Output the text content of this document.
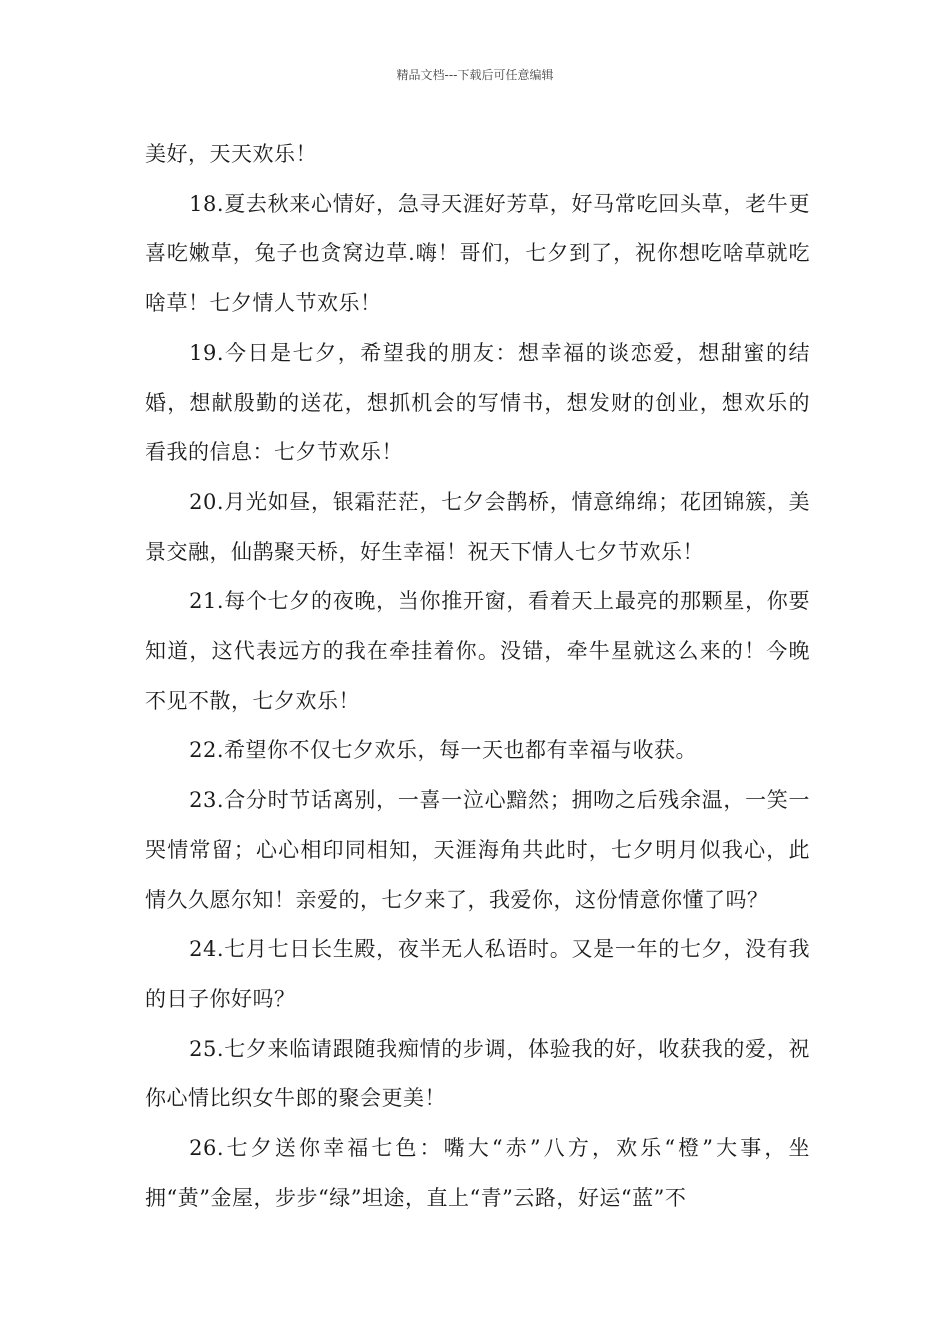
精品文档---下载后可任意编辑

美好，天天欢乐！

18.夏去秋来心情好，急寻天涯好芳草，好马常吃回头草，老牛更喜吃嫩草，兔子也贪窝边草.嗨！哥们，七夕到了，祝你想吃啥草就吃啥草！七夕情人节欢乐！

19.今日是七夕，希望我的朋友：想幸福的谈恋爱，想甜蜜的结婚，想献殷勤的送花，想抓机会的写情书，想发财的创业，想欢乐的看我的信息：七夕节欢乐！

20.月光如昼，银霜茫茫，七夕会鹊桥，情意绵绵；花团锦簇，美景交融，仙鹊聚天桥，好生幸福！祝天下情人七夕节欢乐！

21.每个七夕的夜晚，当你推开窗，看着天上最亮的那颗星，你要知道，这代表远方的我在牵挂着你。没错，牵牛星就这么来的！今晚不见不散，七夕欢乐！

22.希望你不仅七夕欢乐，每一天也都有幸福与收获。

23.合分时节话离别，一喜一泣心黯然；拥吻之后残余温，一笑一哭情常留；心心相印同相知，天涯海角共此时，七夕明月似我心，此情久久愿尔知！亲爱的，七夕来了，我爱你，这份情意你懂了吗？

24.七月七日长生殿，夜半无人私语时。又是一年的七夕，没有我的日子你好吗？

25.七夕来临请跟随我痴情的步调，体验我的好，收获我的爱，祝你心情比织女牛郎的聚会更美！

26.七夕送你幸福七色：嘴大“赤”八方，欢乐“橙”大事，坐拥“黄”金屋，步步“绿”坦途，直上“青”云路，好运“蓝”不
